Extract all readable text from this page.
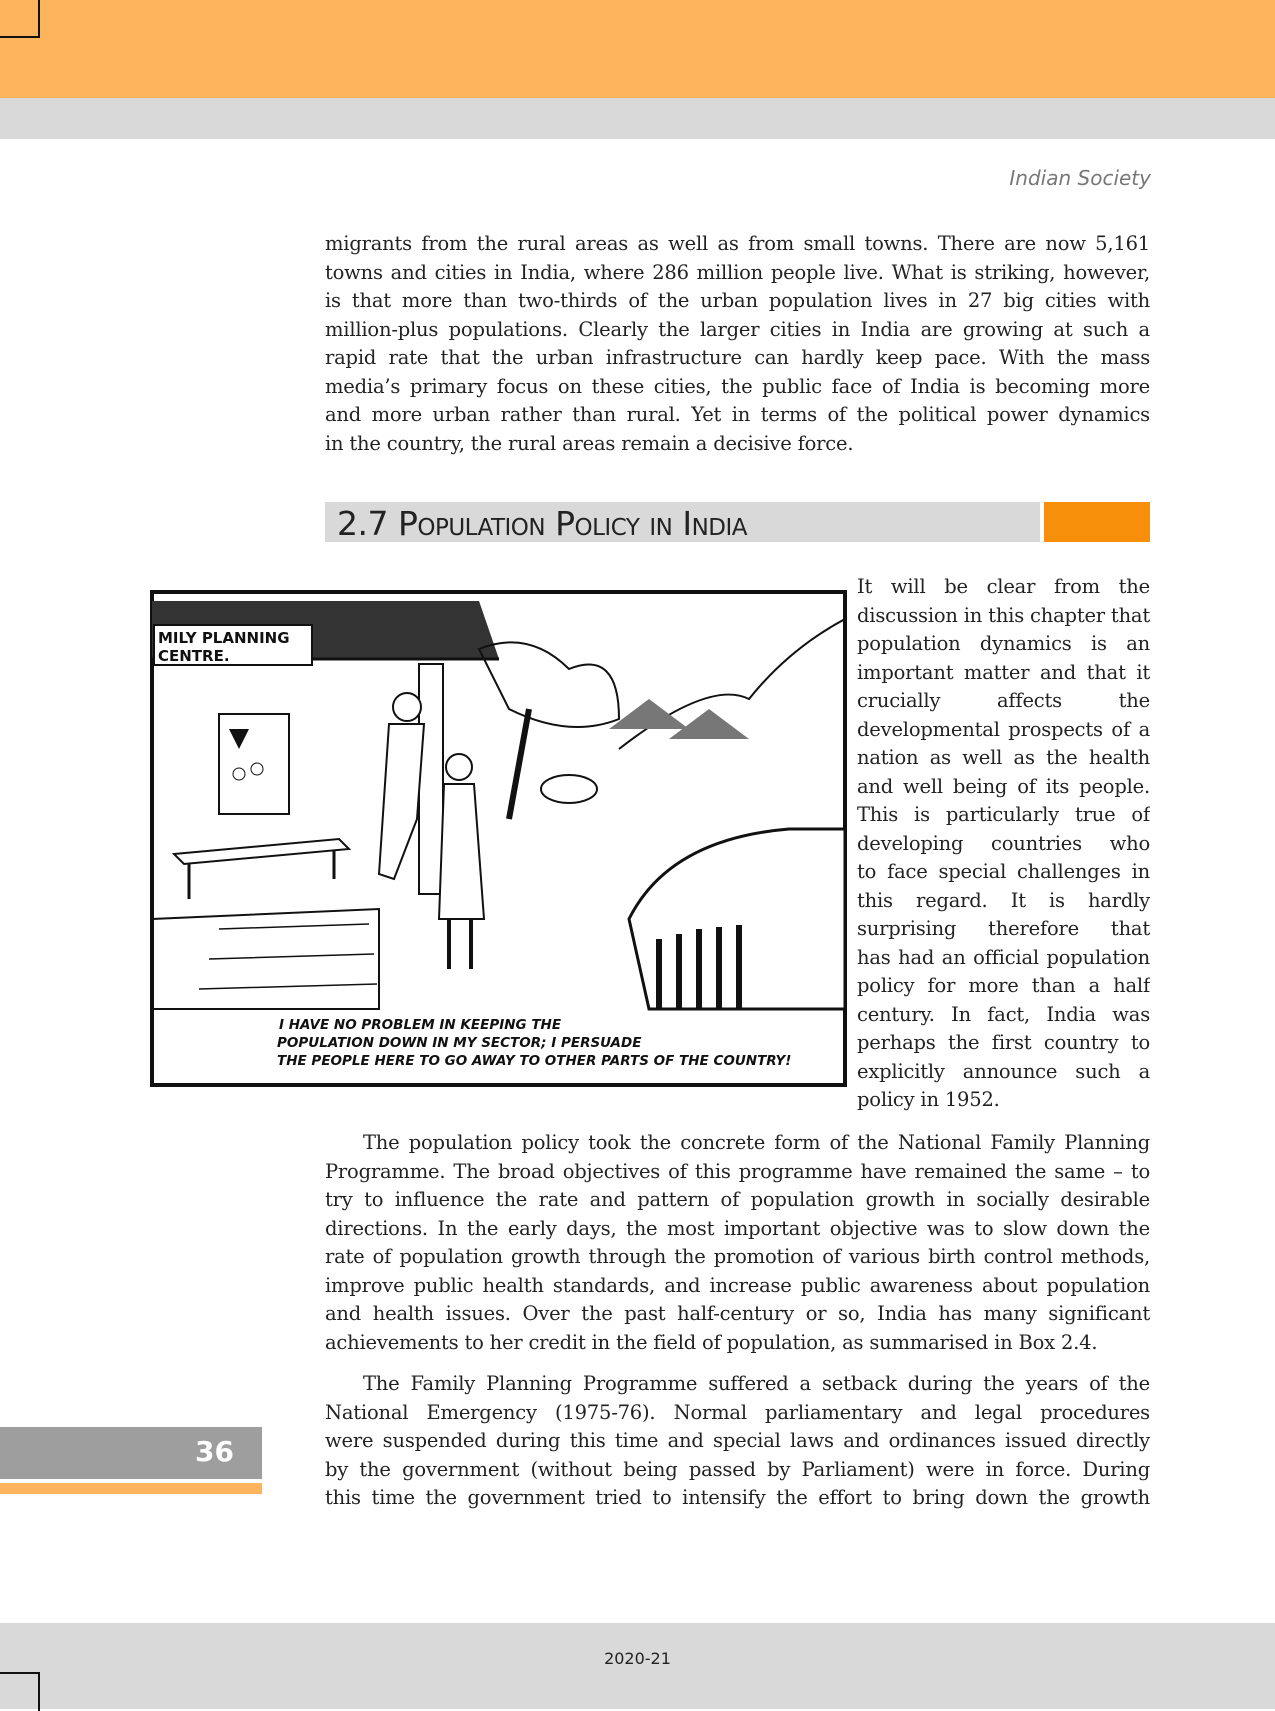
Indian Society
migrants from the rural areas as well as from small towns. There are now 5,161
towns and cities in India, where 286 million people live. What is striking, however,
is that more than two-thirds of the urban population lives in 27 big cities with
million-plus populations. Clearly the larger cities in India are growing at such a
rapid rate that the urban infrastructure can hardly keep pace. With the mass
media’s primary focus on these cities, the public face of India is becoming more
and more urban rather than rural. Yet in terms of the political power dynamics
in the country, the rural areas remain a decisive force.
2.7 Population Policy in India
MILY PLANNING
CENTRE.
I HAVE NO PROBLEM IN KEEPING THE
POPULATION DOWN IN MY SECTOR; I PERSUADE
THE PEOPLE HERE TO GO AWAY TO OTHER PARTS OF THE COUNTRY!
It will be clear from the
discussion in this chapter that
population dynamics is an
important matter and that it
crucially affects the
developmental prospects of a
nation as well as the health
and well being of its people.
This is particularly true of
developing countries who
to face special challenges in
this regard. It is hardly
surprising therefore that
has had an official population
policy for more than a half
century. In fact, India was
perhaps the first country to
explicitly announce such a
policy in 1952.
The population policy took the concrete form of the National Family Planning
Programme. The broad objectives of this programme have remained the same – to
try to influence the rate and pattern of population growth in socially desirable
directions. In the early days, the most important objective was to slow down the
rate of population growth through the promotion of various birth control methods,
improve public health standards, and increase public awareness about population
and health issues. Over the past half-century or so, India has many significant
achievements to her credit in the field of population, as summarised in Box 2.4.
The Family Planning Programme suffered a setback during the years of the
National Emergency (1975-76). Normal parliamentary and legal procedures
were suspended during this time and special laws and ordinances issued directly
by the government (without being passed by Parliament) were in force. During
this time the government tried to intensify the effort to bring down the growth
36
2020-21
